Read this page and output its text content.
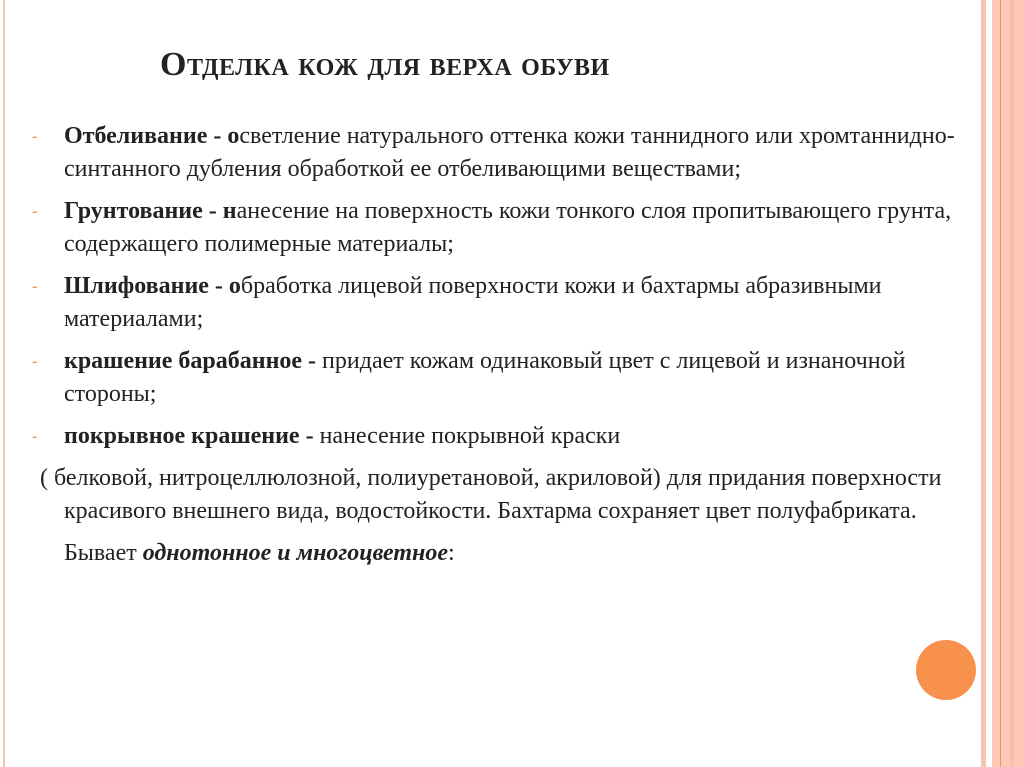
Отделка кож для верха обуви
- Отбеливание - осветление натурального оттенка кожи таннидного или хромтаннидно-синтанного дубления обработкой ее отбеливающими веществами;
- Грунтование - нанесение на поверхность кожи тонкого слоя пропитывающего грунта, содержащего полимерные материалы;
- Шлифование - обработка лицевой поверхности кожи и бахтармы абразивными материалами;
- крашение барабанное - придает кожам одинаковый цвет с лицевой и изнаночной стороны;
- покрывное крашение - нанесение покрывной краски
( белковой, нитроцеллюлозной, полиуретановой, акриловой) для придания поверхности красивого внешнего вида, водостойкости. Бахтарма сохраняет цвет полуфабриката.
Бывает однотонное и многоцветное:
